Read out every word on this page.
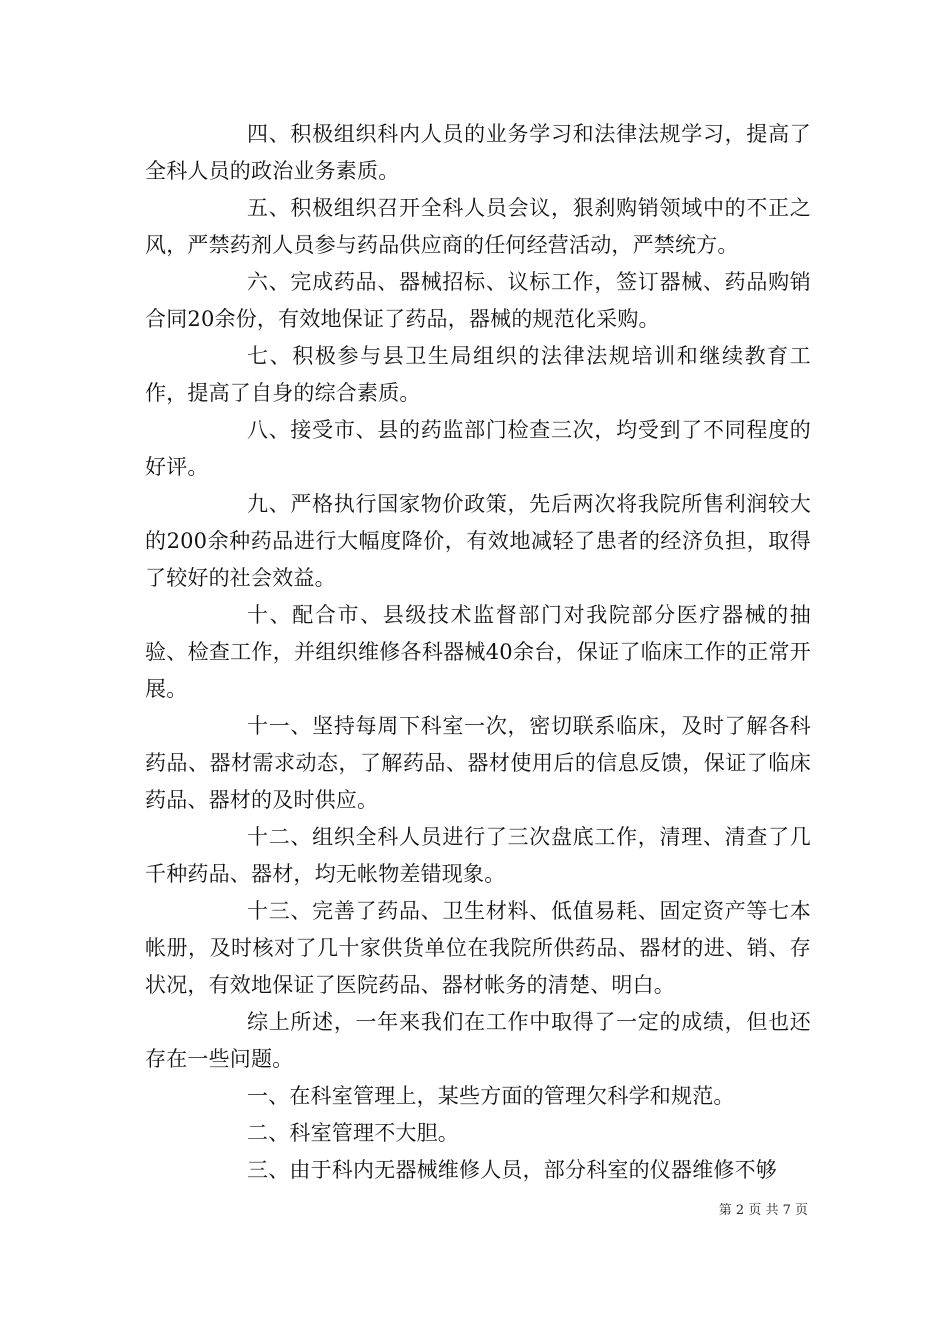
四、积极组织科内人员的业务学习和法律法规学习，提高了全科人员的政治业务素质。

五、积极组织召开全科人员会议，狠刹购销领域中的不正之风，严禁药剂人员参与药品供应商的任何经营活动，严禁统方。

六、完成药品、器械招标、议标工作，签订器械、药品购销合同20余份，有效地保证了药品，器械的规范化采购。

七、积极参与县卫生局组织的法律法规培训和继续教育工作，提高了自身的综合素质。

八、接受市、县的药监部门检查三次，均受到了不同程度的好评。

九、严格执行国家物价政策，先后两次将我院所售利润较大的200余种药品进行大幅度降价，有效地减轻了患者的经济负担，取得了较好的社会效益。

十、配合市、县级技术监督部门对我院部分医疗器械的抽验、检查工作，并组织维修各科器械40余台，保证了临床工作的正常开展。

十一、坚持每周下科室一次，密切联系临床，及时了解各科药品、器材需求动态，了解药品、器材使用后的信息反馈，保证了临床药品、器材的及时供应。

十二、组织全科人员进行了三次盘底工作，清理、清查了几千种药品、器材，均无帐物差错现象。

十三、完善了药品、卫生材料、低值易耗、固定资产等七本帐册，及时核对了几十家供货单位在我院所供药品、器材的进、销、存状况，有效地保证了医院药品、器材帐务的清楚、明白。

综上所述，一年来我们在工作中取得了一定的成绩，但也还存在一些问题。

一、在科室管理上，某些方面的管理欠科学和规范。

二、科室管理不大胆。

三、由于科内无器械维修人员，部分科室的仪器维修不够

第 2 页 共 7 页
